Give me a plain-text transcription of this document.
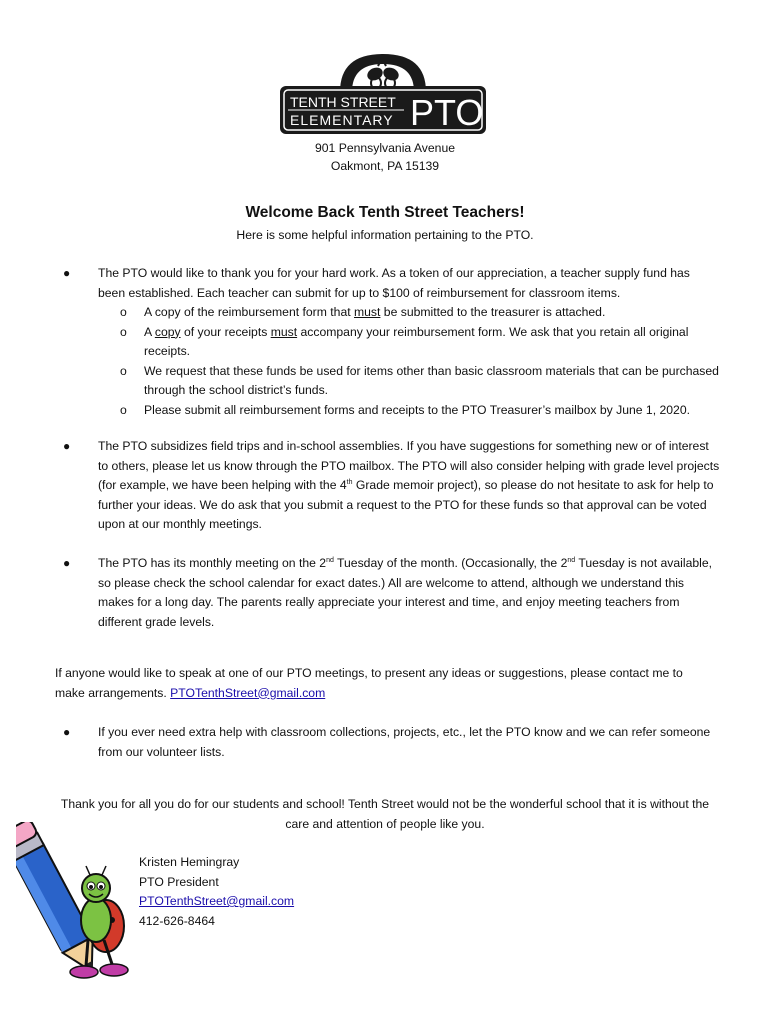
TENTH STREET
ELEMENTARY PTO
901 Pennsylvania Avenue
Oakmont, PA 15139
Welcome Back Tenth Street Teachers!
Here is some helpful information pertaining to the PTO.
● The PTO would like to thank you for your hard work. As a token of our appreciation, a teacher supply fund has been established. Each teacher can submit for up to $100 of reimbursement for classroom items.
o A copy of the reimbursement form that must be submitted to the treasurer is attached.
o A copy of your receipts must accompany your reimbursement form. We ask that you retain all original receipts.
o We request that these funds be used for items other than basic classroom materials that can be purchased through the school district’s funds.
o Please submit all reimbursement forms and receipts to the PTO Treasurer’s mailbox by June 1, 2020.
● The PTO subsidizes field trips and in-school assemblies. If you have suggestions for something new or of interest to others, please let us know through the PTO mailbox. The PTO will also consider helping with grade level projects (for example, we have been helping with the 4th Grade memoir project), so please do not hesitate to ask for help to further your ideas. We do ask that you submit a request to the PTO for these funds so that approval can be voted upon at our monthly meetings.
● The PTO has its monthly meeting on the 2nd Tuesday of the month. (Occasionally, the 2nd Tuesday is not available, so please check the school calendar for exact dates.) All are welcome to attend, although we understand this makes for a long day. The parents really appreciate your interest and time, and enjoy meeting teachers from different grade levels.
If anyone would like to speak at one of our PTO meetings, to present any ideas or suggestions, please contact me to make arrangements. PTOTenthStreet@gmail.com
● If you ever need extra help with classroom collections, projects, etc., let the PTO know and we can refer someone from our volunteer lists.
Thank you for all you do for our students and school! Tenth Street would not be the wonderful school that it is without the care and attention of people like you.
Kristen Hemingray
PTO President
PTOTenthStreet@gmail.com
412-626-8464
